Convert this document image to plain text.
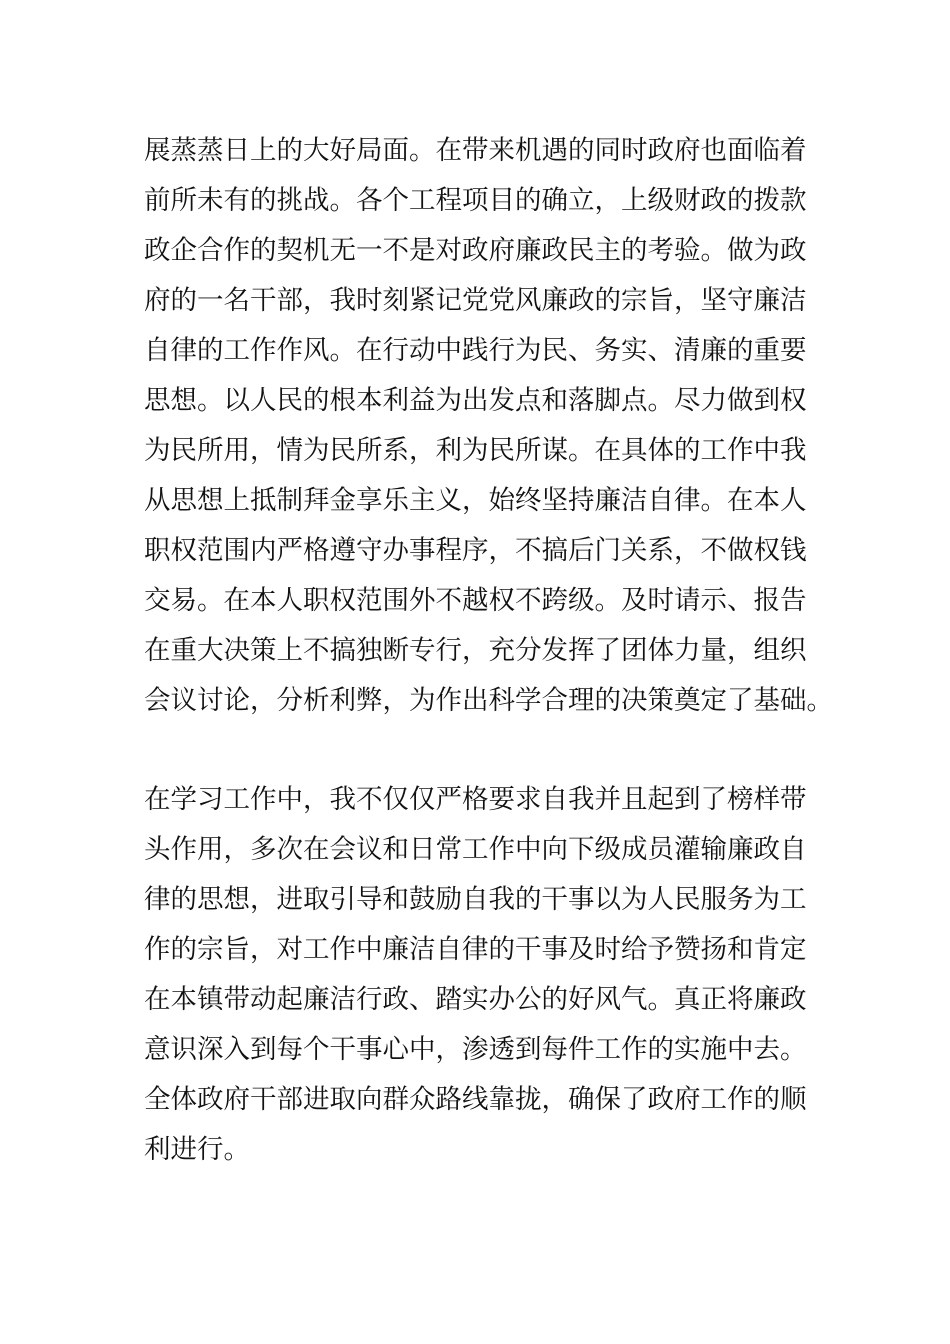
展蒸蒸日上的大好局面。在带来机遇的同时政府也面临着
前所未有的挑战。各个工程项目的确立，上级财政的拨款
政企合作的契机无一不是对政府廉政民主的考验。做为政
府的一名干部，我时刻紧记党党风廉政的宗旨，坚守廉洁
自律的工作作风。在行动中践行为民、务实、清廉的重要
思想。以人民的根本利益为出发点和落脚点。尽力做到权
为民所用，情为民所系，利为民所谋。在具体的工作中我
从思想上抵制拜金享乐主义，始终坚持廉洁自律。在本人
职权范围内严格遵守办事程序，不搞后门关系，不做权钱
交易。在本人职权范围外不越权不跨级。及时请示、报告
在重大决策上不搞独断专行，充分发挥了团体力量，组织
会议讨论，分析利弊，为作出科学合理的决策奠定了基础。
在学习工作中，我不仅仅严格要求自我并且起到了榜样带
头作用，多次在会议和日常工作中向下级成员灌输廉政自
律的思想，进取引导和鼓励自我的干事以为人民服务为工
作的宗旨，对工作中廉洁自律的干事及时给予赞扬和肯定
在本镇带动起廉洁行政、踏实办公的好风气。真正将廉政
意识深入到每个干事心中，渗透到每件工作的实施中去。
全体政府干部进取向群众路线靠拢，确保了政府工作的顺
利进行。
